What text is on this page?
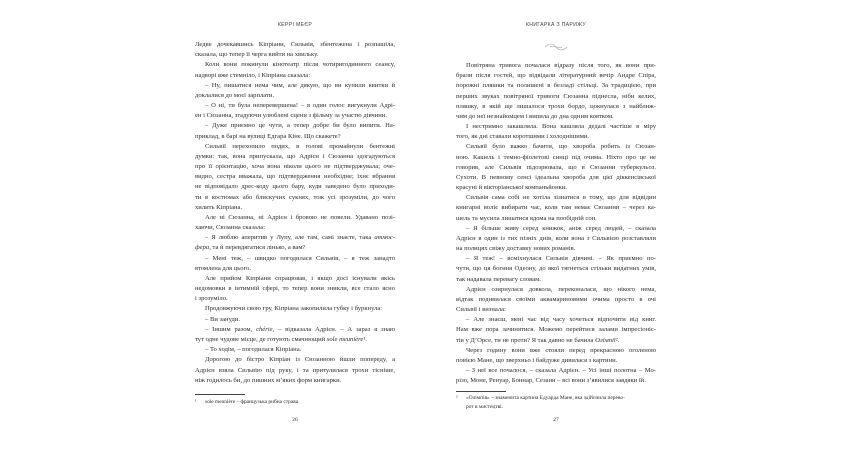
КЕРРІ МЕЄР
Ледве дочекавшись Кіпріани, Сильвія, збентежена і розпашіла,
сказала, що тепер її черга вийти на хвильку.
Коли вони покинули кінотеатр після чотиригодинного сеансу,
надворі вже стемніло, і Кіпріана сказала:
– Ну, пишатися нема чим, але дякую, що ви купили квитки й
доклалися до моєї зарплати.
– О ні, ти була неперевершена! – в один голос вигукнули Адрі-
ен і Сюзанна, згадуючи улюблені сцени з фільму за участю дівчини.
– Дуже приємно це чути, а тепер добре би було випити. На-
приклад, в барі на вулиці Едгара Кіне. Що скажете?
Сильвії перехопило подих, в голові промайнули бентежні
думки: так, вона припускала, що Адрієн і Сюзанна здогадуються
про її орієнтацію, хоча вона ніколи цього не підтверджувала; оче-
видно, сестра вважала, що підтвердження необхідне; їхнє вбрання
не відповідало дрес-коду цього бару, куди заведено було приходи-
ти в костюмах або блискучих сукнях, тож усі зрозуміли, до чого
хилить Кіпріана.
Але ні Сюзанна, ні Адрієн і бровою не повели. Удавано позі-
хаючи, Сюзанна сказала:
– Я люблю аперитив у Лупу, але там, самі знаєте, така атмос-
фера, та й перевдягатися лінько, а вам?
– Мені теж, – швидко погодилася Сильвія, – я теж занадто
втомлена для цього.
Але прийом Кіпріани спрацював, і якщо досі існували якісь
недомовки в інтимній сфері, то тепер вони зникли, все стало ясно
і зрозуміло.
Продовжуючи свою гру, Кіпріана закопилила губку і буркнула:
– Ви зануди.
– Іншим разом, chérie, – відказала Адрієн. – А зараз я знаю
тут одне чудове місце, де готують смачнющий sole meunière¹.
– То ходім, – погодилася Кіпріана.
Дорогою до бістро Кіпріан із Сюзанною йшли попереду, а
Адрієн взяла Сильвію під руку, і та притулилася трохи тісніше,
ніж годилось би, до пишних м’яких форм книгарки.
¹ sole meunière – французька рибна страва
26
КНИГАРКА З ПАРИЖУ
Повітряна тривога почалася відразу після того, як вони при-
брали після гостей, що відвідали літературний вечір Андре Спіра,
порожні пляшки та полишені в безладі стільці. За традицією, при
перших звуках повітряної тривоги Сюзанна піднесла, ніби келих,
пляшку, в якій ще лишалося трохи бордо, цокнулася з найближ-
чим до неї незнайомцем і випила до дна одним ковтком.
І нестримно закашляла. Вона кашляла дедалі частіше в міру
того, як дні ставали коротшими і холоднішими.
Сильвії було важко бачити, що хвороба робить із Сюзан-
ною. Кашель і темно-фіолетові синці під очима. Ніхто про це не
говорив, але Сильвія підозрювала, що в Сюзанни туберкульоз.
Сухоти. В певному сенсі ідеальна хвороба для цієї діккенсівської
красуні й вікторіанської компаньйонки.
Сильвія сама собі не хотіла зізнатися в тому, що для відвідин
книгарні воліє вибирати час, коли там немає Сюзанни – через ка-
шель та мусила лишатися вдома на пообідній сон.
– Я більше живу серед книжок, аніж серед людей, – сказала
Адрієн в один із тих пізніх днів, коли вона з Сильвією розставляли
на полицях свіжу доставку нових романів.
– Я теж! – всміхнулася Сильвія дівчині. – Як приємно по-
чути, що ця богиня Одеону, до якої тягнеться стільки видатних умів,
так надавала перевагу словам.
Адрієн озирнулася довкола, переконалася, що нікого нема,
відтак подивилася своїми аквамариновими очима просто в очі
Сильвії і визнала:
– Але знаєш, мені час від часу хочеться відпочити від книг.
Нам вже пора зачинятися. Можемо перейтися залами імпресіоніс-
тів у Д’Орсе, ти не проти? Я так давно не бачила Олімпії².
Через годину вони вже стояли перед прекрасною оголеною
повією Мане, що зверхньо і байдуже дивилася з картини.
– З неї все почалося, – сказала Адрієн. – Усі інші полотна – Мо-
різо, Моне, Ренуар, Боннар, Сезанн – всі вони з’явилися завдяки їй.
² «Олімпія» – знаменита картина Едуарда Мане, яка здійснила перево-
рот в мистецтві.
27
